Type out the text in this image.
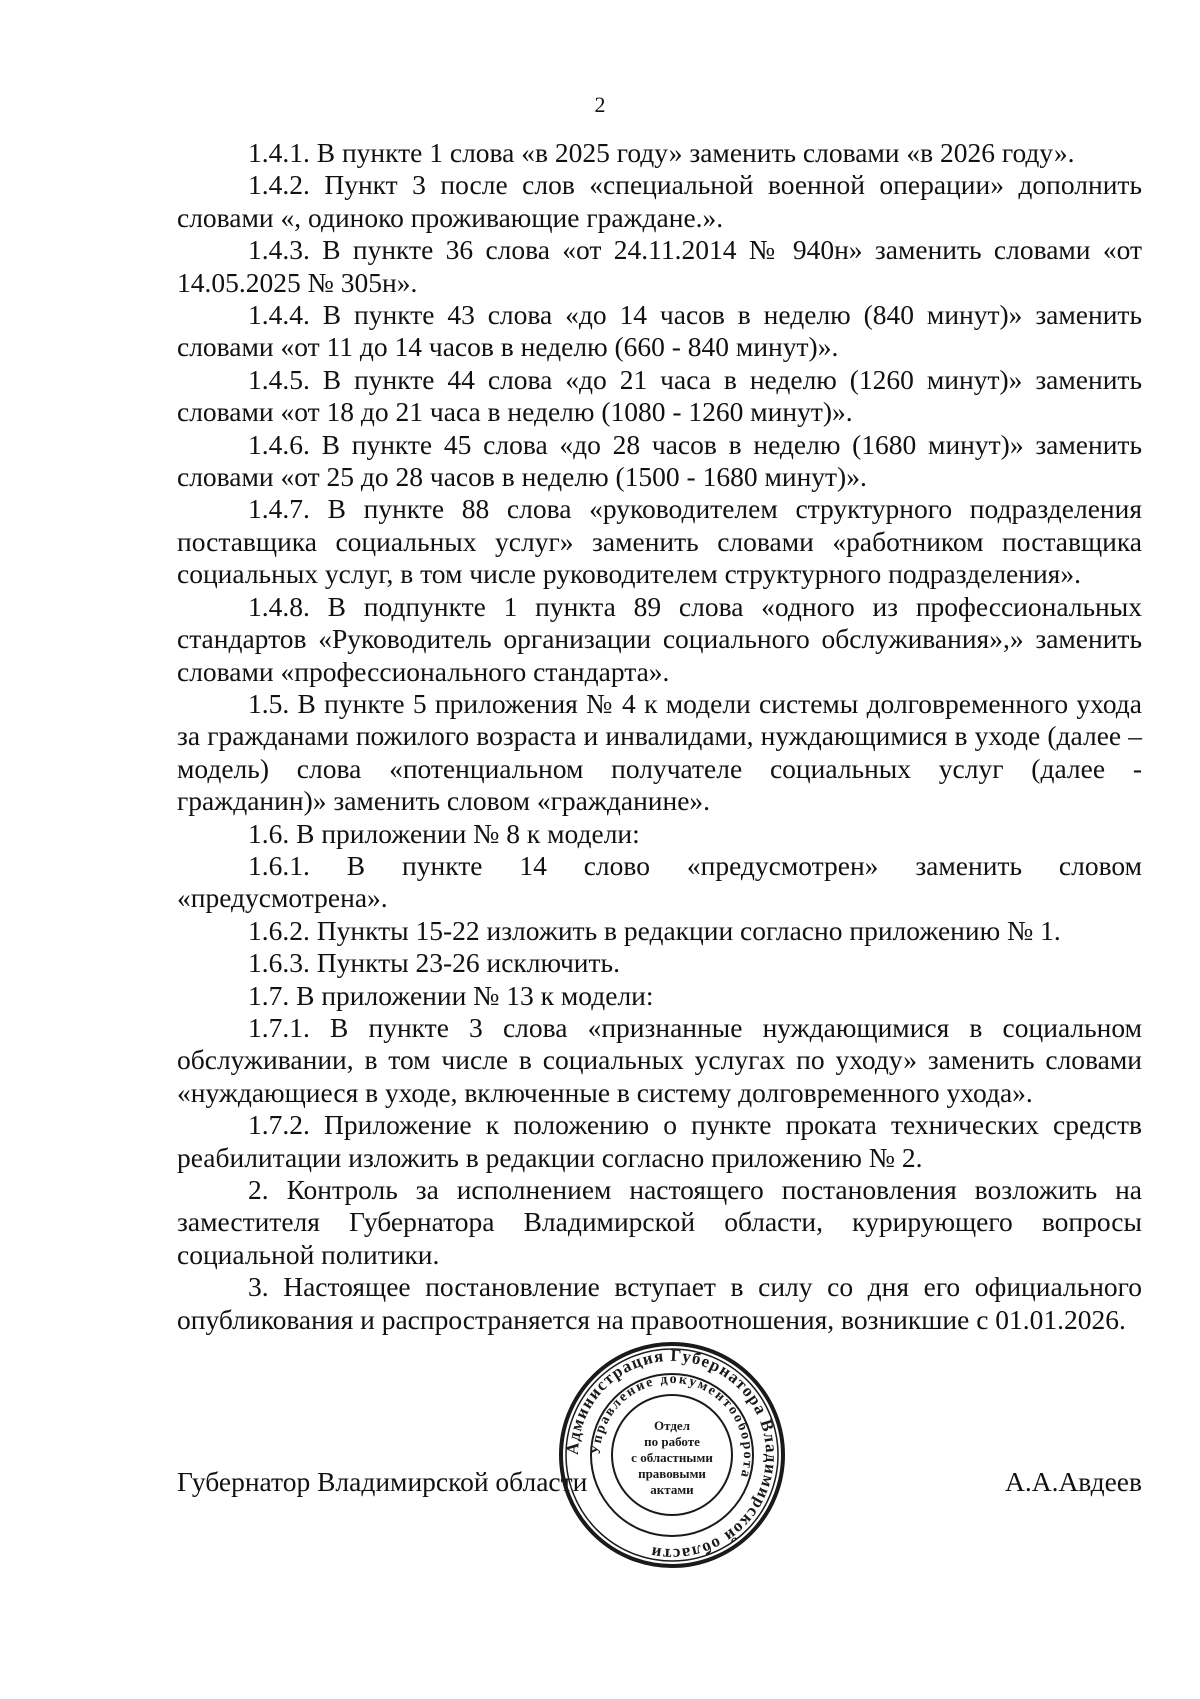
2

1.4.1. В пункте 1 слова «в 2025 году» заменить словами «в 2026 году».

1.4.2. Пункт 3 после слов «специальной военной операции» дополнить словами «, одиноко проживающие граждане.».

1.4.3. В пункте 36 слова «от 24.11.2014 № 940н» заменить словами «от 14.05.2025 № 305н».

1.4.4. В пункте 43 слова «до 14 часов в неделю (840 минут)» заменить словами «от 11 до 14 часов в неделю (660 - 840 минут)».

1.4.5. В пункте 44 слова «до 21 часа в неделю (1260 минут)» заменить словами «от 18 до 21 часа в неделю (1080 - 1260 минут)».

1.4.6. В пункте 45 слова «до 28 часов в неделю (1680 минут)» заменить словами «от 25 до 28 часов в неделю (1500 - 1680 минут)».

1.4.7. В пункте 88 слова «руководителем структурного подразделения поставщика социальных услуг» заменить словами «работником поставщика социальных услуг, в том числе руководителем структурного подразделения».

1.4.8. В подпункте 1 пункта 89 слова «одного из профессиональных стандартов «Руководитель организации социального обслуживания»,» заменить словами «профессионального стандарта».

1.5. В пункте 5 приложения № 4 к модели системы долговременного ухода за гражданами пожилого возраста и инвалидами, нуждающимися в уходе (далее – модель) слова «потенциальном получателе социальных услуг (далее - гражданин)» заменить словом «гражданине».

1.6. В приложении № 8 к модели:

1.6.1. В пункте 14 слово «предусмотрен» заменить словом «предусмотрена».

1.6.2. Пункты 15-22 изложить в редакции согласно приложению № 1.

1.6.3. Пункты 23-26 исключить.

1.7. В приложении № 13 к модели:

1.7.1. В пункте 3 слова «признанные нуждающимися в социальном обслуживании, в том числе в социальных услугах по уходу» заменить словами «нуждающиеся в уходе, включенные в систему долговременного ухода».

1.7.2. Приложение к положению о пункте проката технических средств реабилитации изложить в редакции согласно приложению № 2.

2. Контроль за исполнением настоящего постановления возложить на заместителя Губернатора Владимирской области, курирующего вопросы социальной политики.

3. Настоящее постановление вступает в силу со дня его официального опубликования и распространяется на правоотношения, возникшие с 01.01.2026.

Губернатор Владимирской области	А.А.Авдеев
Администрация Губернатора Владимирской области
Управление документооборота
Отдел
по работе
с областными
правовыми
актами
